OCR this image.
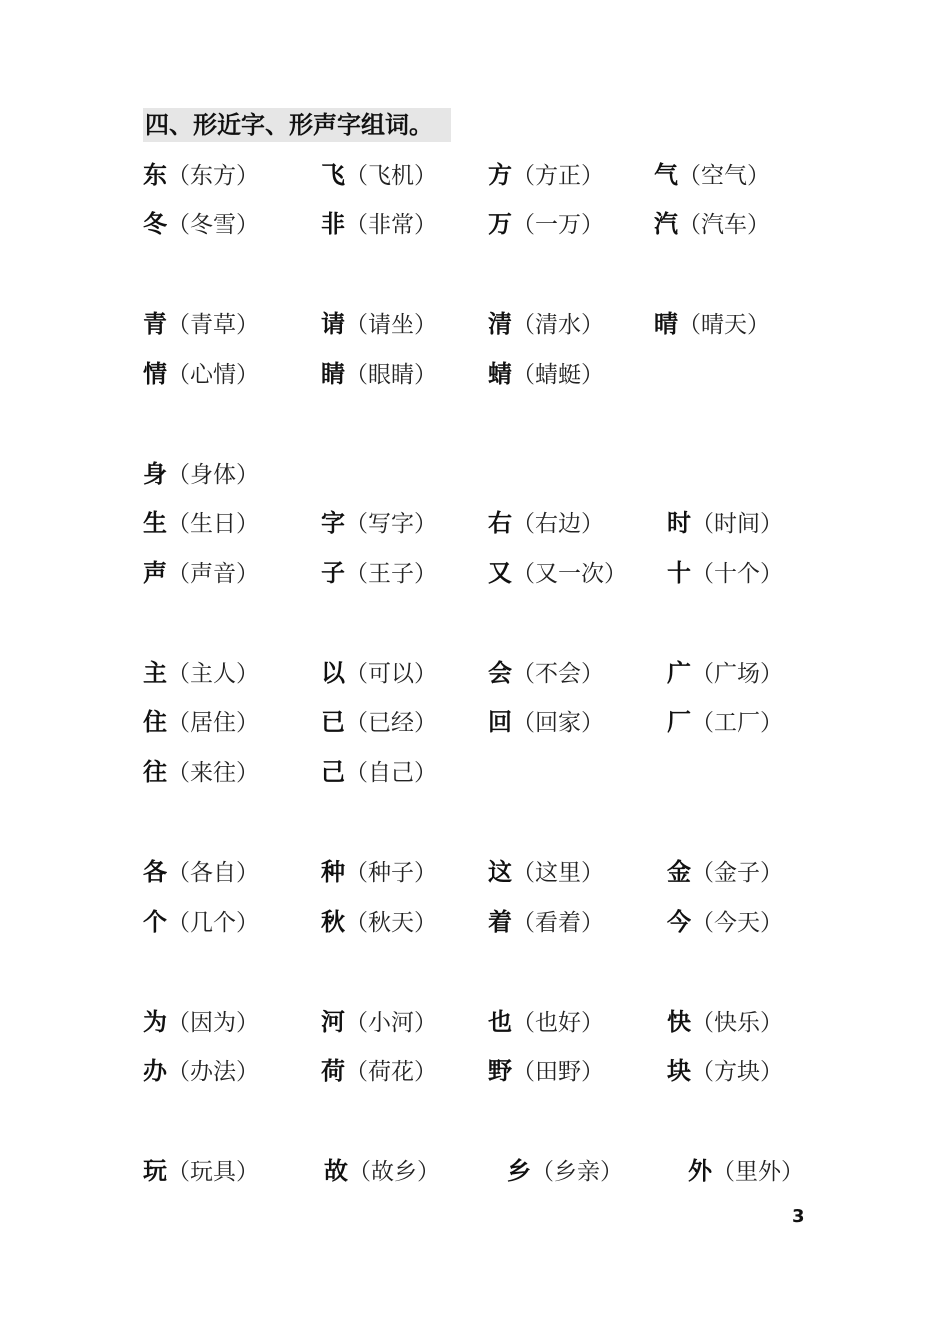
四、形近字、形声字组词。
东（东方）	飞（飞机） 方（方正） 气（空气）
冬（冬雪）	非（非常） 万（一万） 汽（汽车）
青（青草）	请（请坐） 清（清水） 晴（晴天）
情（心情）	睛（眼睛） 蜻（蜻蜓）
身（身体）
生（生日）	字（写字） 右（右边）	时（时间）
声（声音）	子（王子） 又（又一次） 十（十个）
主（主人）	以（可以） 会（不会）	广（广场）
住（居住）	已（已经） 回（回家）	厂（工厂）
往（来往）	己（自己）
各（各自）	种（种子） 这（这里）	金（金子）
个（几个）	秋（秋天） 着（看着）	今（今天）
为（因为）	河（小河） 也（也好）	快（快乐）
办（办法）	荷（荷花） 野（田野）	块（方块）
玩（玩具）	故（故乡）	乡（乡亲）	外（里外）
3
